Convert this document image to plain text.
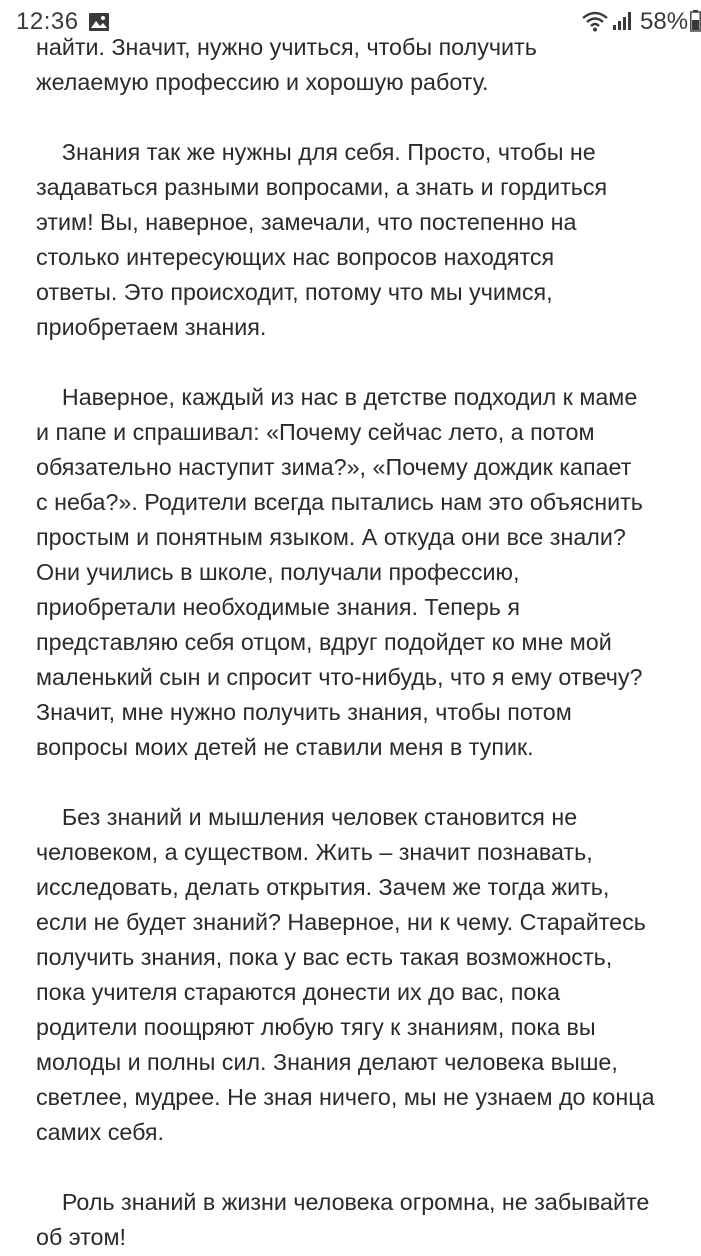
12:36	58%

найти. Значит, нужно учиться, чтобы получить
желаемую профессию и хорошую работу.

Знания так же нужны для себя. Просто, чтобы не
задаваться разными вопросами, а знать и гордиться
этим! Вы, наверное, замечали, что постепенно на
столько интересующих нас вопросов находятся
ответы. Это происходит, потому что мы учимся,
приобретаем знания.

Наверное, каждый из нас в детстве подходил к маме
и папе и спрашивал: «Почему сейчас лето, а потом
обязательно наступит зима?», «Почему дождик капает
с неба?». Родители всегда пытались нам это объяснить
простым и понятным языком. А откуда они все знали?
Они учились в школе, получали профессию,
приобретали необходимые знания. Теперь я
представляю себя отцом, вдруг подойдет ко мне мой
маленький сын и спросит что-нибудь, что я ему отвечу?
Значит, мне нужно получить знания, чтобы потом
вопросы моих детей не ставили меня в тупик.

Без знаний и мышления человек становится не
человеком, а существом. Жить – значит познавать,
исследовать, делать открытия. Зачем же тогда жить,
если не будет знаний? Наверное, ни к чему. Старайтесь
получить знания, пока у вас есть такая возможность,
пока учителя стараются донести их до вас, пока
родители поощряют любую тягу к знаниям, пока вы
молоды и полны сил. Знания делают человека выше,
светлее, мудрее. Не зная ничего, мы не узнаем до конца
самих себя.

Роль знаний в жизни человека огромна, не забывайте
об этом!
